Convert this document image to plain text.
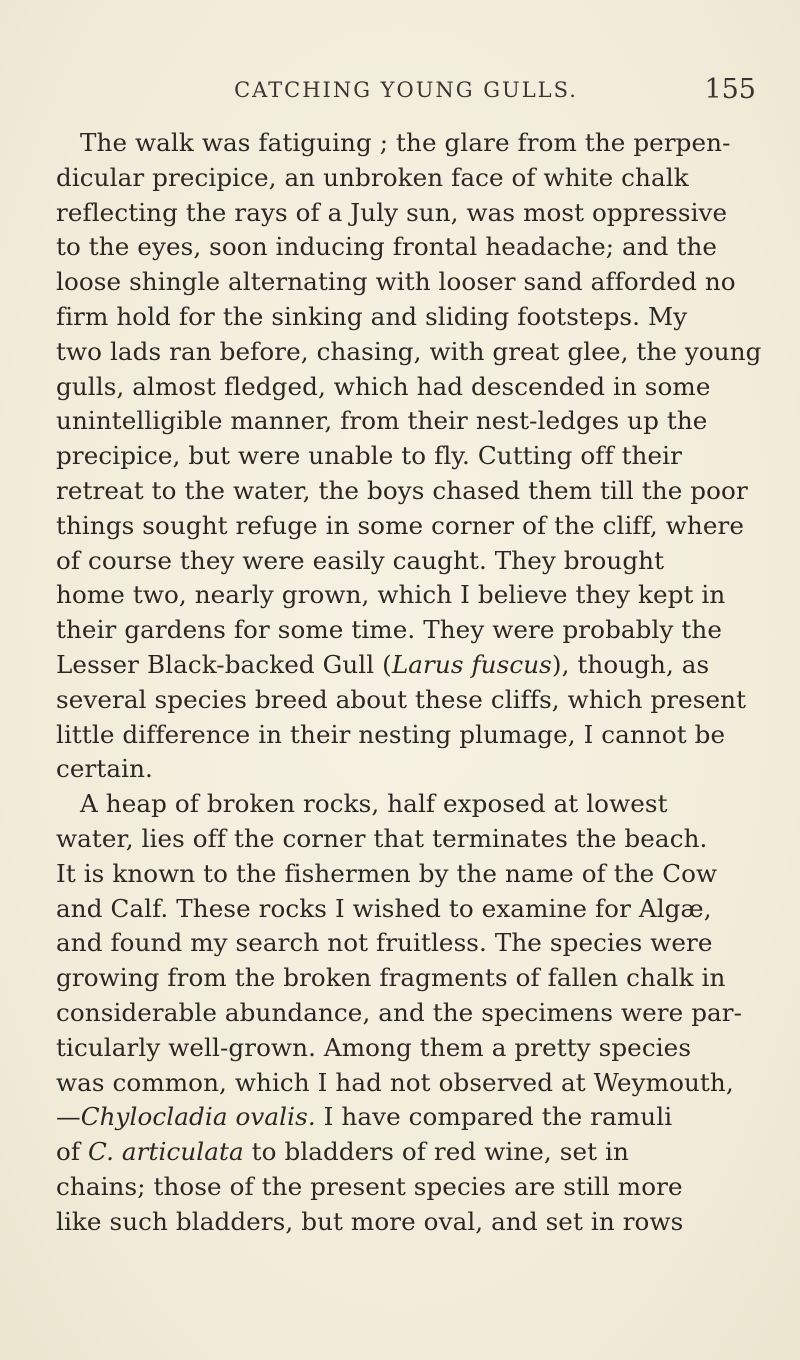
CATCHING YOUNG GULLS.	155

The walk was fatiguing ; the glare from the perpen-
dicular precipice, an unbroken face of white chalk
reflecting the rays of a July sun, was most oppressive
to the eyes, soon inducing frontal headache; and the
loose shingle alternating with looser sand afforded no
firm hold for the sinking and sliding footsteps. My
two lads ran before, chasing, with great glee, the young
gulls, almost fledged, which had descended in some
unintelligible manner, from their nest-ledges up the
precipice, but were unable to fly. Cutting off their
retreat to the water, the boys chased them till the poor
things sought refuge in some corner of the cliff, where
of course they were easily caught. They brought
home two, nearly grown, which I believe they kept in
their gardens for some time. They were probably the
Lesser Black-backed Gull (Larus fuscus), though, as
several species breed about these cliffs, which present
little difference in their nesting plumage, I cannot be
certain.

A heap of broken rocks, half exposed at lowest
water, lies off the corner that terminates the beach.
It is known to the fishermen by the name of the Cow
and Calf. These rocks I wished to examine for Algæ,
and found my search not fruitless. The species were
growing from the broken fragments of fallen chalk in
considerable abundance, and the specimens were par-
ticularly well-grown. Among them a pretty species
was common, which I had not observed at Weymouth,
—Chylocladia ovalis. I have compared the ramuli
of C. articulata to bladders of red wine, set in
chains; those of the present species are still more
like such bladders, but more oval, and set in rows
